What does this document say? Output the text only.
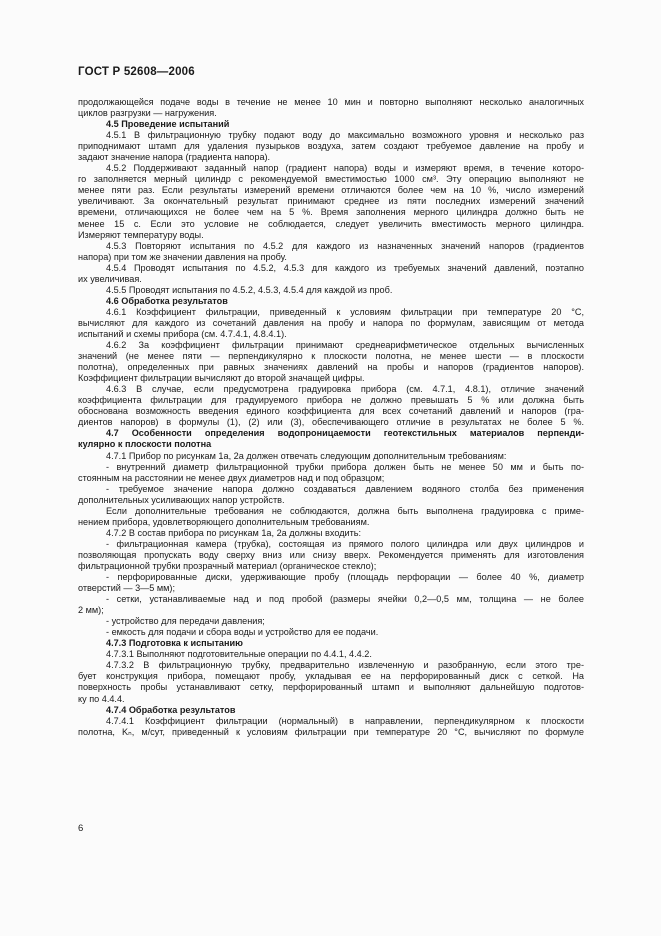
ГОСТ Р 52608—2006
продолжающейся подаче воды в течение не менее 10 мин и повторно выполняют несколько аналогичных
циклов разгрузки — нагружения.
4.5 Проведение испытаний
4.5.1 В фильтрационную трубку подают воду до максимально возможного уровня и несколько раз
приподнимают штамп для удаления пузырьков воздуха, затем создают требуемое давление на пробу и
задают значение напора (градиента напора).
4.5.2 Поддерживают заданный напор (градиент напора) воды и измеряют время, в течение которо-
го заполняется мерный цилиндр с рекомендуемой вместимостью 1000 см³. Эту операцию выполняют не
менее пяти раз. Если результаты измерений времени отличаются более чем на 10 %, число измерений
увеличивают. За окончательный результат принимают среднее из пяти последних измерений значений
времени, отличающихся не более чем на 5 %. Время заполнения мерного цилиндра должно быть не
менее 15 с. Если это условие не соблюдается, следует увеличить вместимость мерного цилиндра.
Измеряют температуру воды.
4.5.3 Повторяют испытания по 4.5.2 для каждого из назначенных значений напоров (градиентов
напора) при том же значении давления на пробу.
4.5.4 Проводят испытания по 4.5.2, 4.5.3 для каждого из требуемых значений давлений, поэтапно
их увеличивая.
4.5.5 Проводят испытания по 4.5.2, 4.5.3, 4.5.4 для каждой из проб.
4.6 Обработка результатов
4.6.1 Коэффициент фильтрации, приведенный к условиям фильтрации при температуре 20 °С,
вычисляют для каждого из сочетаний давления на пробу и напора по формулам, зависящим от метода
испытаний и схемы прибора (см. 4.7.4.1, 4.8.4.1).
4.6.2 За коэффициент фильтрации принимают среднеарифметическое отдельных вычисленных
значений (не менее пяти — перпендикулярно к плоскости полотна, не менее шести — в плоскости
полотна), определенных при равных значениях давлений на пробы и напоров (градиентов напоров).
Коэффициент фильтрации вычисляют до второй значащей цифры.
4.6.3 В случае, если предусмотрена градуировка прибора (см. 4.7.1, 4.8.1), отличие значений
коэффициента фильтрации для градуируемого прибора не должно превышать 5 % или должна быть
обоснована возможность введения единого коэффициента для всех сочетаний давлений и напоров (гра-
диентов напоров) в формулы (1), (2) или (3), обеспечивающего отличие в результатах не более 5 %.
4.7 Особенности определения водопроницаемости геотекстильных материалов перпенди-
кулярно к плоскости полотна
4.7.1 Прибор по рисункам 1а, 2а должен отвечать следующим дополнительным требованиям:
- внутренний диаметр фильтрационной трубки прибора должен быть не менее 50 мм и быть по-
стоянным на расстоянии не менее двух диаметров над и под образцом;
- требуемое значение напора должно создаваться давлением водяного столба без применения
дополнительных усиливающих напор устройств.
Если дополнительные требования не соблюдаются, должна быть выполнена градуировка с приме-
нением прибора, удовлетворяющего дополнительным требованиям.
4.7.2 В состав прибора по рисункам 1а, 2а должны входить:
- фильтрационная камера (трубка), состоящая из прямого полого цилиндра или двух цилиндров и
позволяющая пропускать воду сверху вниз или снизу вверх. Рекомендуется применять для изготовления
фильтрационной трубки прозрачный материал (органическое стекло);
- перфорированные диски, удерживающие пробу (площадь перфорации — более 40 %, диаметр
отверстий — 3—5 мм);
- сетки, устанавливаемые над и под пробой (размеры ячейки 0,2—0,5 мм, толщина — не более
2 мм);
- устройство для передачи давления;
- емкость для подачи и сбора воды и устройство для ее подачи.
4.7.3 Подготовка к испытанию
4.7.3.1 Выполняют подготовительные операции по 4.4.1, 4.4.2.
4.7.3.2 В фильтрационную трубку, предварительно извлеченную и разобранную, если этого тре-
бует конструкция прибора, помещают пробу, укладывая ее на перфорированный диск с сеткой. На
поверхность пробы устанавливают сетку, перфорированный штамп и выполняют дальнейшую подготов-
ку по 4.4.4.
4.7.4 Обработка результатов
4.7.4.1 Коэффициент фильтрации (нормальный) в направлении, перпендикулярном к плоскости
полотна, Kₙ, м/сут, приведенный к условиям фильтрации при температуре 20 °С, вычисляют по формуле
6
